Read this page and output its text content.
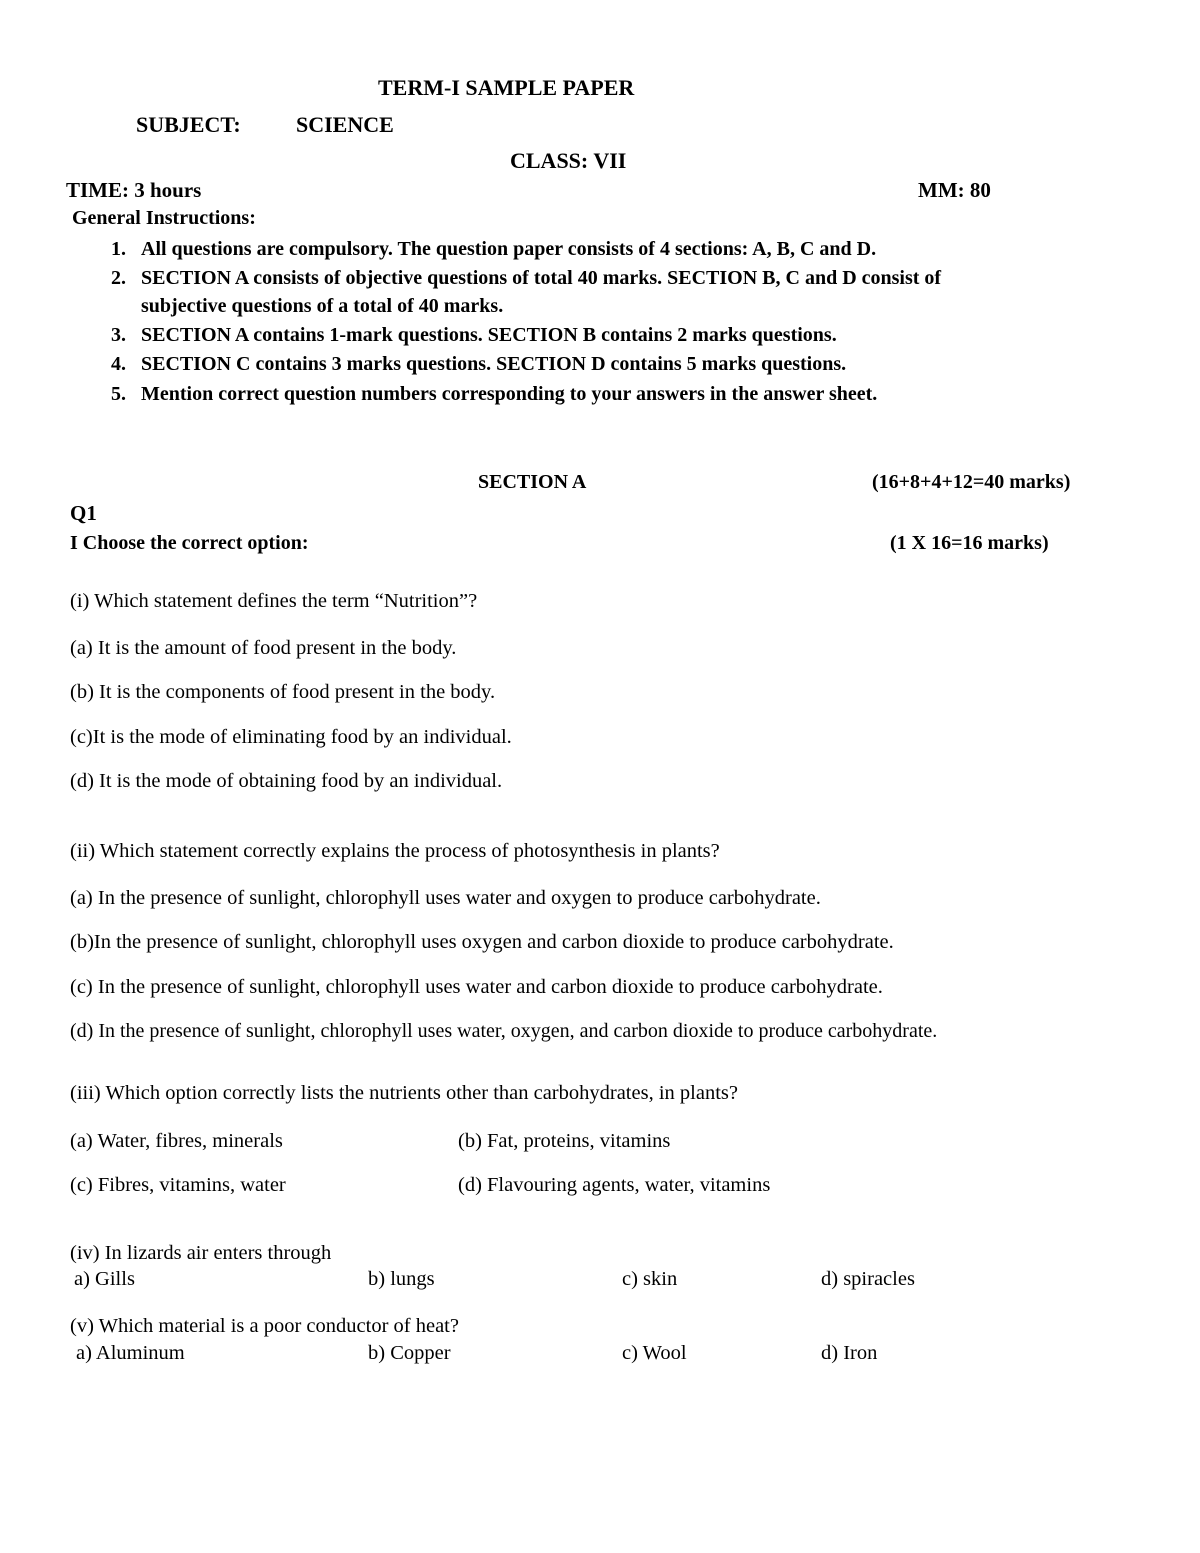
TERM-I SAMPLE PAPER
SUBJECT:	SCIENCE
CLASS: VII
TIME: 3 hours	MM: 80
General Instructions:
1. All questions are compulsory. The question paper consists of 4 sections: A, B, C and D.
2. SECTION A consists of objective questions of total 40 marks. SECTION B, C and D consist of
subjective questions of a total of 40 marks.
3. SECTION A contains 1-mark questions. SECTION B contains 2 marks questions.
4. SECTION C contains 3 marks questions. SECTION D contains 5 marks questions.
5. Mention correct question numbers corresponding to your answers in the answer sheet.
SECTION A	(16+8+4+12=40 marks)
Q1
I Choose the correct option:	(1 X 16=16 marks)
(i) Which statement defines the term “Nutrition”?
(a) It is the amount of food present in the body.
(b) It is the components of food present in the body.
(c)It is the mode of eliminating food by an individual.
(d) It is the mode of obtaining food by an individual.
(ii) Which statement correctly explains the process of photosynthesis in plants?
(a) In the presence of sunlight, chlorophyll uses water and oxygen to produce carbohydrate.
(b)In the presence of sunlight, chlorophyll uses oxygen and carbon dioxide to produce carbohydrate.
(c) In the presence of sunlight, chlorophyll uses water and carbon dioxide to produce carbohydrate.
(d) In the presence of sunlight, chlorophyll uses water, oxygen, and carbon dioxide to produce carbohydrate.
(iii) Which option correctly lists the nutrients other than carbohydrates, in plants?
(a) Water, fibres, minerals	(b) Fat, proteins, vitamins
(c) Fibres, vitamins, water	(d) Flavouring agents, water, vitamins
(iv) In lizards air enters through
a) Gills	b) lungs	c) skin	d) spiracles
(v) Which material is a poor conductor of heat?
a) Aluminum	b) Copper	c) Wool	d) Iron
